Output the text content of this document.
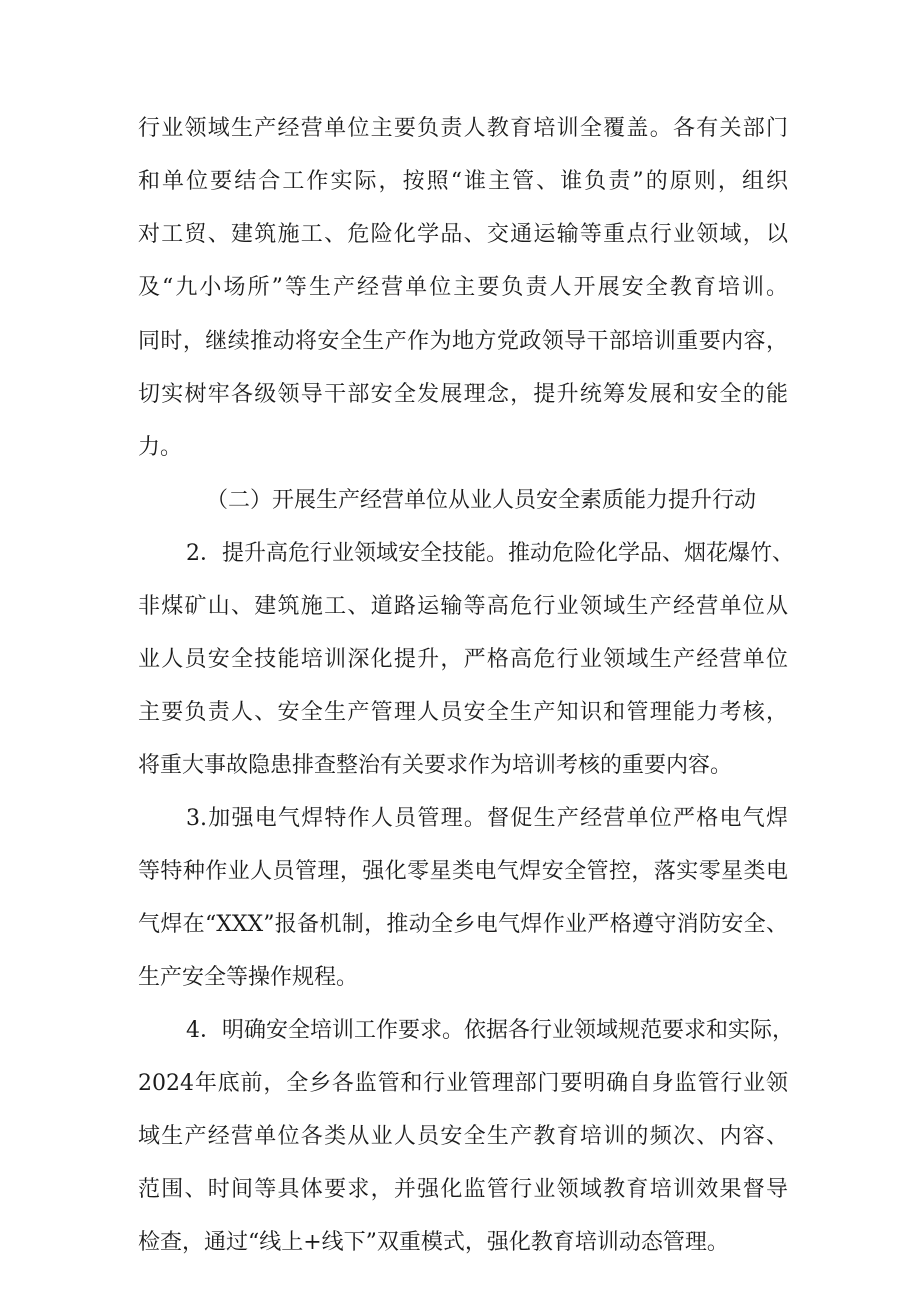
行业领域生产经营单位主要负责人教育培训全覆盖。各有关部门

和单位要结合工作实际，按照“谁主管、谁负责”的原则，组织

对工贸、建筑施工、危险化学品、交通运输等重点行业领域，以

及“九小场所”等生产经营单位主要负责人开展安全教育培训。

同时，继续推动将安全生产作为地方党政领导干部培训重要内容，

切实树牢各级领导干部安全发展理念，提升统筹发展和安全的能

力。

（二）开展生产经营单位从业人员安全素质能力提升行动

2．提升高危行业领域安全技能。推动危险化学品、烟花爆竹、

非煤矿山、建筑施工、道路运输等高危行业领域生产经营单位从

业人员安全技能培训深化提升，严格高危行业领域生产经营单位

主要负责人、安全生产管理人员安全生产知识和管理能力考核，

将重大事故隐患排查整治有关要求作为培训考核的重要内容。

3.加强电气焊特作人员管理。督促生产经营单位严格电气焊

等特种作业人员管理，强化零星类电气焊安全管控，落实零星类电

气焊在“XXX”报备机制，推动全乡电气焊作业严格遵守消防安全、

生产安全等操作规程。

4．明确安全培训工作要求。依据各行业领域规范要求和实际，

2024年底前，全乡各监管和行业管理部门要明确自身监管行业领

域生产经营单位各类从业人员安全生产教育培训的频次、内容、

范围、时间等具体要求，并强化监管行业领域教育培训效果督导

检查，通过“线上+线下”双重模式，强化教育培训动态管理。
